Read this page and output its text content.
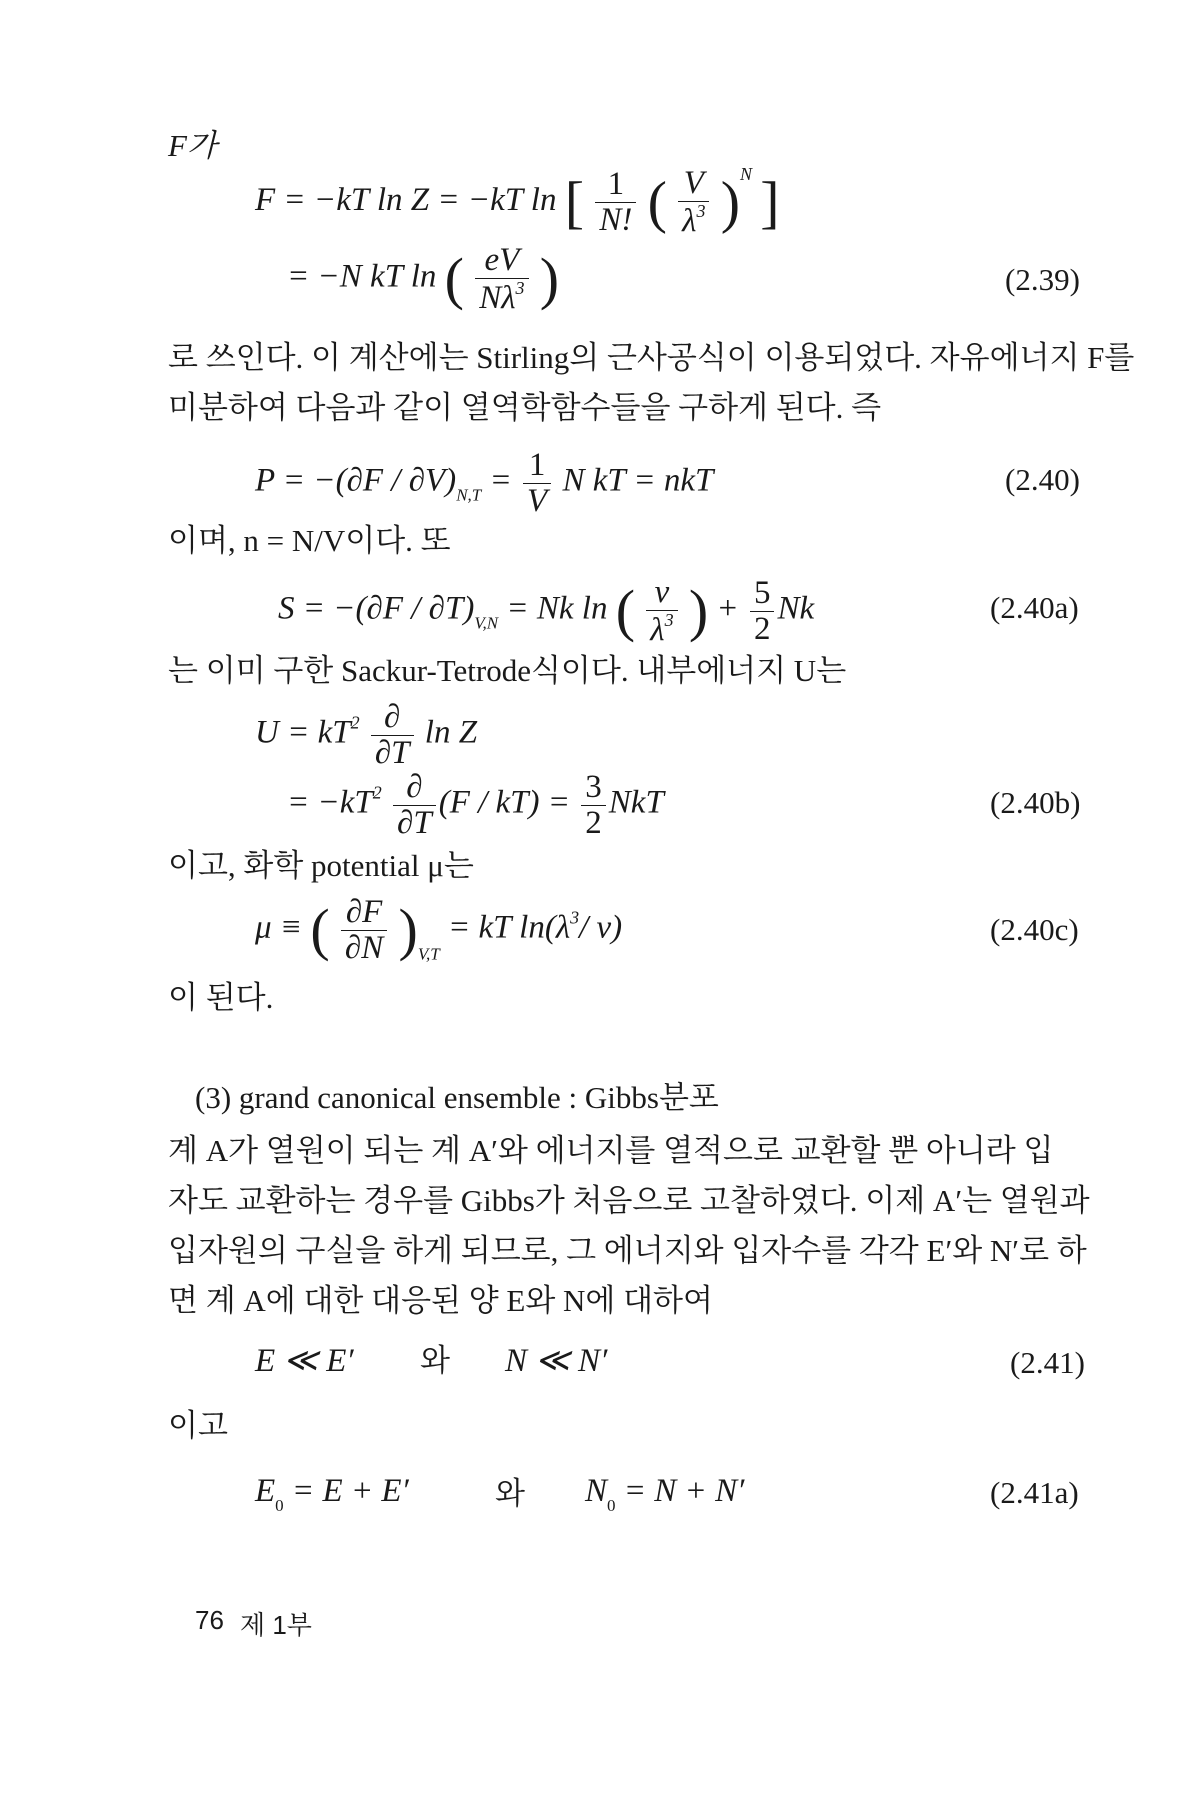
F가
F = −kT ln Z = −kT ln [ $\frac{1}{N!}$ ( $\frac{V}{\lambda^3} )^N$ ]
= −N kT ln ( $\frac{eV}{N\lambda^3}$ )	(2.39)
로 쓰인다. 이 계산에는 Stirling의 근사공식이 이용되었다. 자유에너지 F를
미분하여 다음과 같이 열역학함수들을 구하게 된다. 즉
$P = -(\partial F / \partial V)_{N,T} = \frac{1}{V}$ N kT = nkT	(2.40)
이며, n = N/V이다. 또
$S = -(\partial F / \partial T)_{V,N} = Nk$ ln ( $\frac{v}{\lambda^3}$ ) + $\frac{5}{2}$ Nk	(2.40a)
는 이미 구한 Sackur-Tetrode식이다. 내부에너지 U는
$U = kT^2 \frac{\partial}{\partial T}$ ln Z
= $-kT^2 \frac{\partial}{\partial T} (F / kT) = \frac{3}{2}$ NkT	(2.40b)
이고, 화학 potential μ는
μ ≡ ( $\frac{\partial F}{\partial N} )_{V,T}$ = kT $\ln(\lambda^3/$ v)	(2.40c)
이 된다.
(3) grand canonical ensemble : Gibbs분포
계 A가 열원이 되는 계 A′와 에너지를 열적으로 교환할 뿐 아니라 입
자도 교환하는 경우를 Gibbs가 처음으로 고찰하였다. 이제 A′는 열원과
입자원의 구실을 하게 되므로, 그 에너지와 입자수를 각각 E′와 N′로 하
면 계 A에 대한 대응된 양 E와 N에 대하여
E ≪ E′ 와 N ≪ N′	(2.41)
이고
$E_0 = E + E'$	와 $N_0 = N + N'$	(2.41a)
76 제 1부
